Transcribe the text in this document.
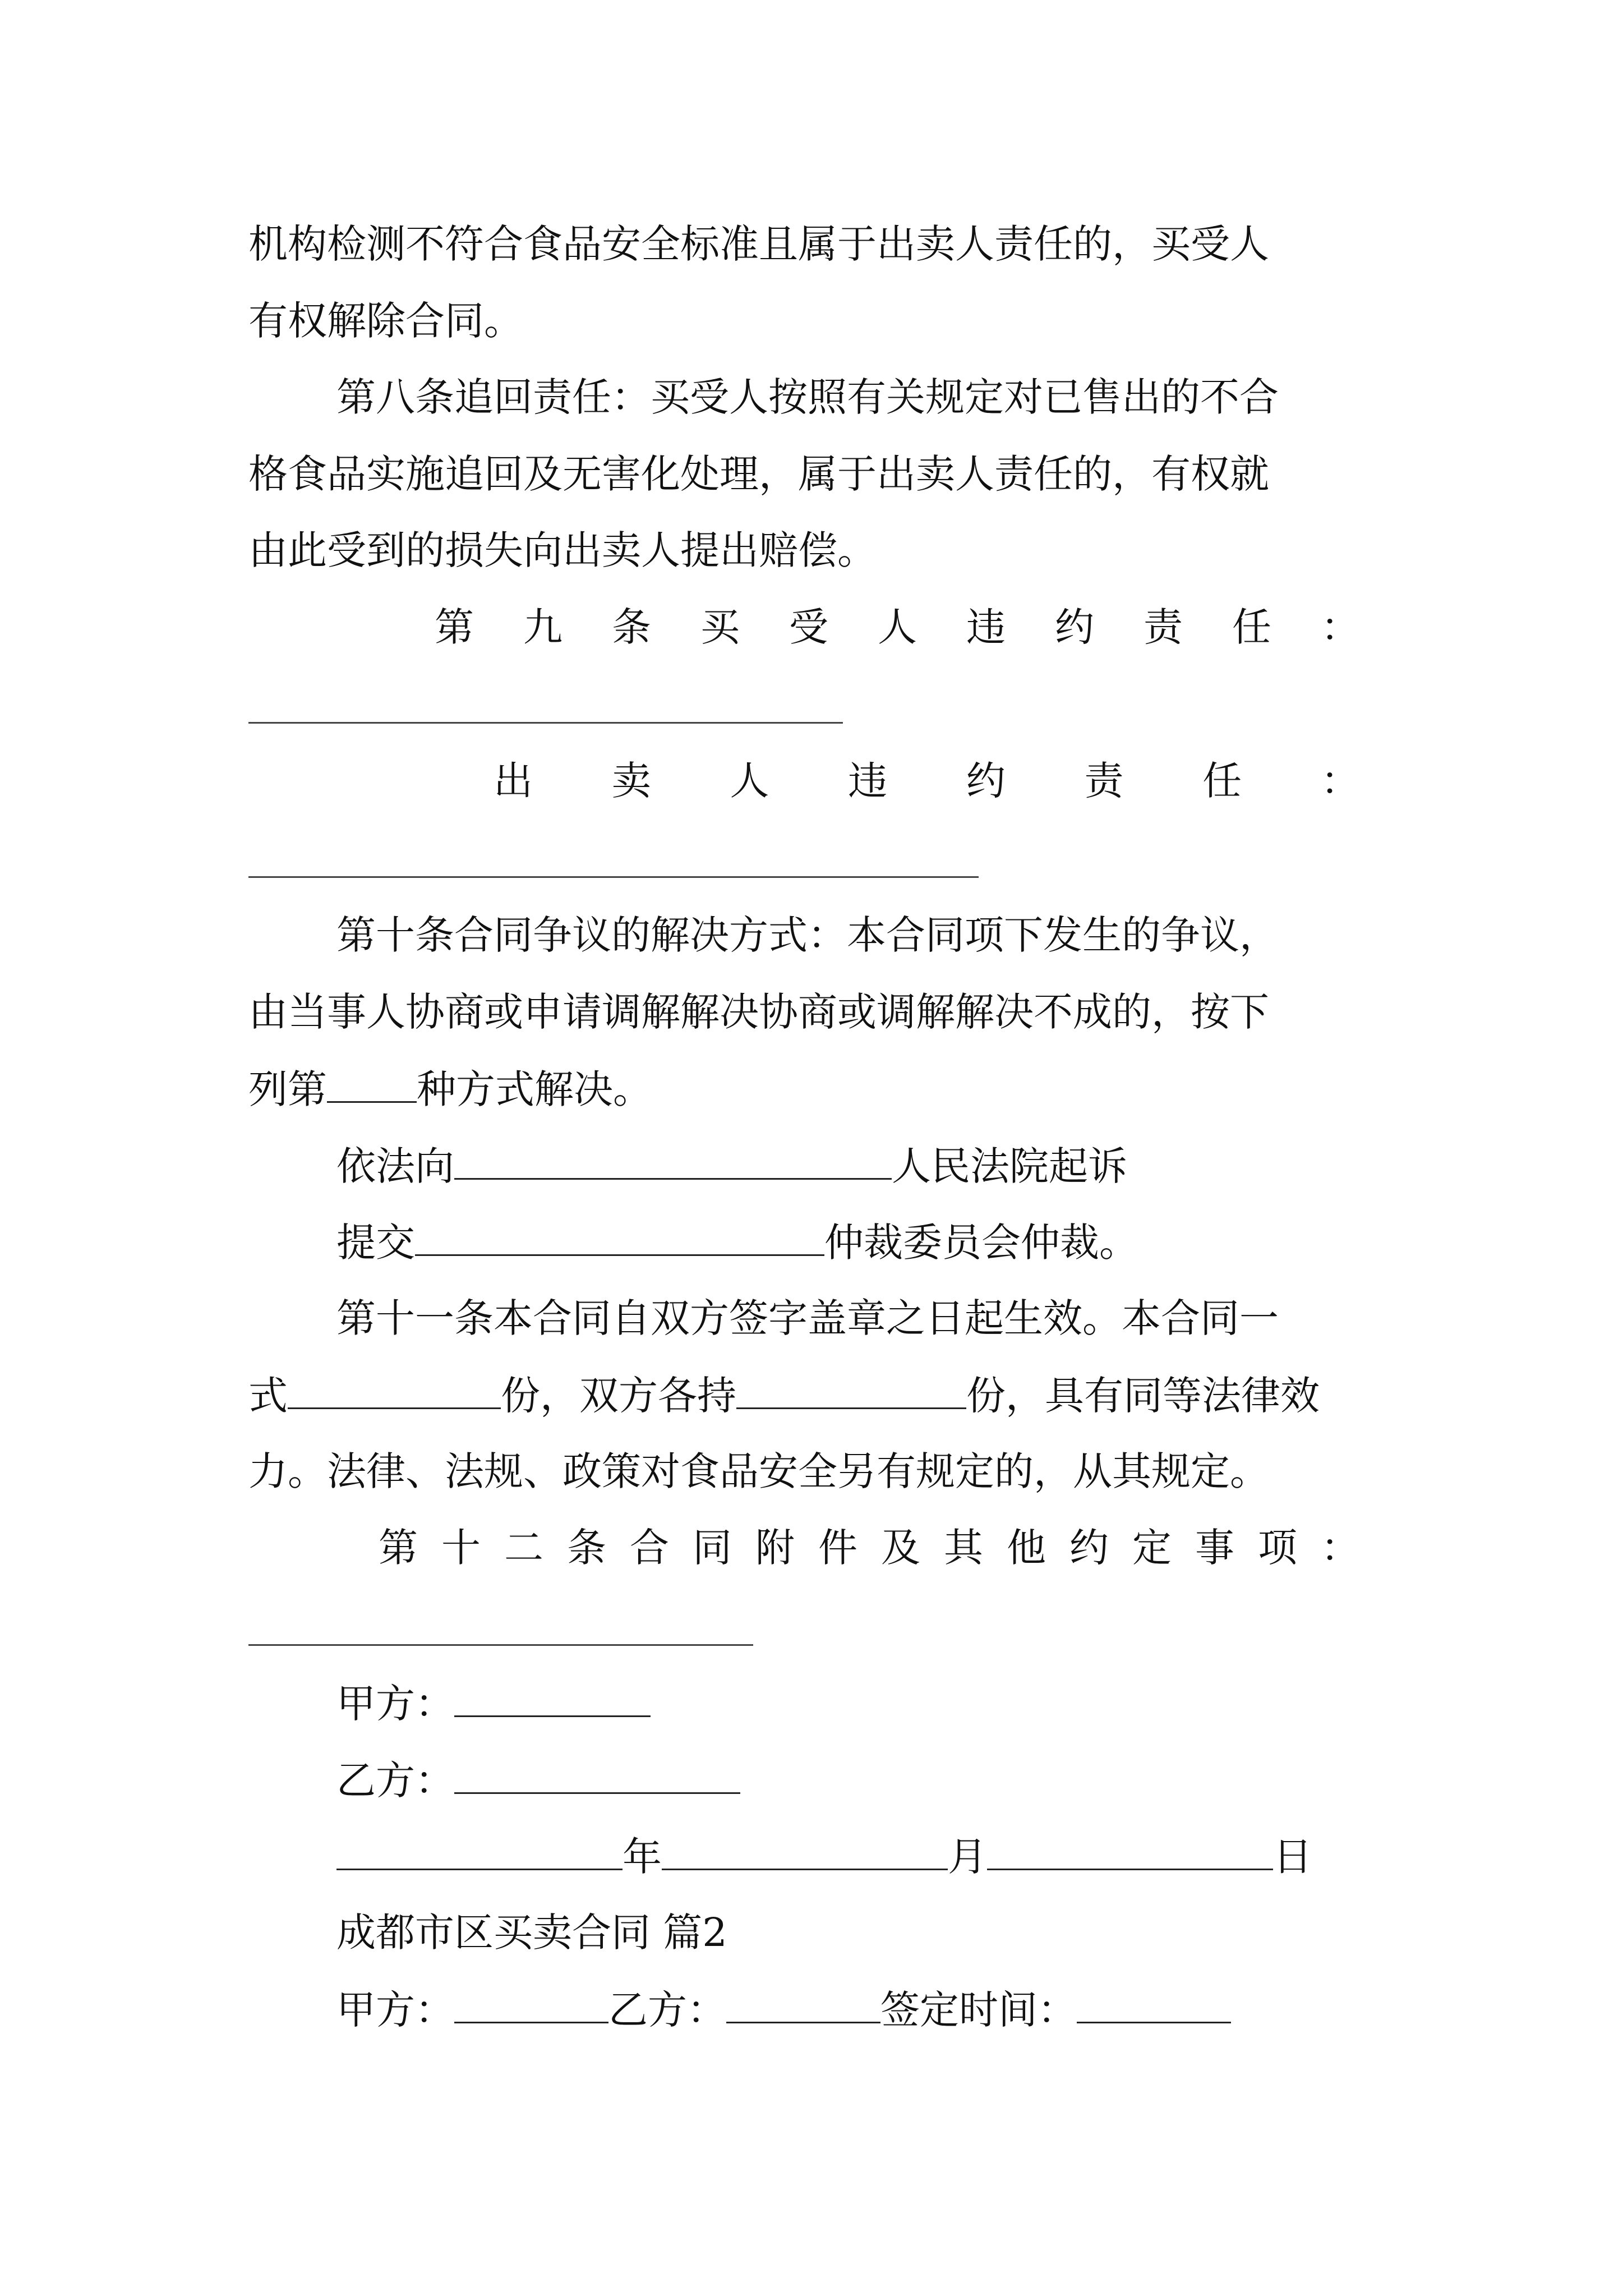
机构检测不符合食品安全标准且属于出卖人责任的，买受人
有权解除合同。
第八条追回责任：买受人按照有关规定对已售出的不合
格食品实施追回及无害化处理，属于出卖人责任的，有权就
由此受到的损失向出卖人提出赔偿。
第 九 条 买 受 人 违 约 责 任 ：
出 卖 人 违 约 责 任 ：
第十条合同争议的解决方式：本合同项下发生的争议，
由当事人协商或申请调解解决协商或调解解决不成的，按下
列第 种方式解决。
依法向	人民法院起诉
提交	仲裁委员会仲裁。
第十一条本合同自双方签字盖章之日起生效。本合同一
式	份，双方各持	份，具有同等法律效
力。法律、法规、政策对食品安全另有规定的，从其规定。
第 十 二 条 合 同 附 件 及 其 他 约 定 事 项 ：
甲方：
乙方：
年	月	日
成都市区买卖合同 篇2
甲方：	乙方：	签定时间：
